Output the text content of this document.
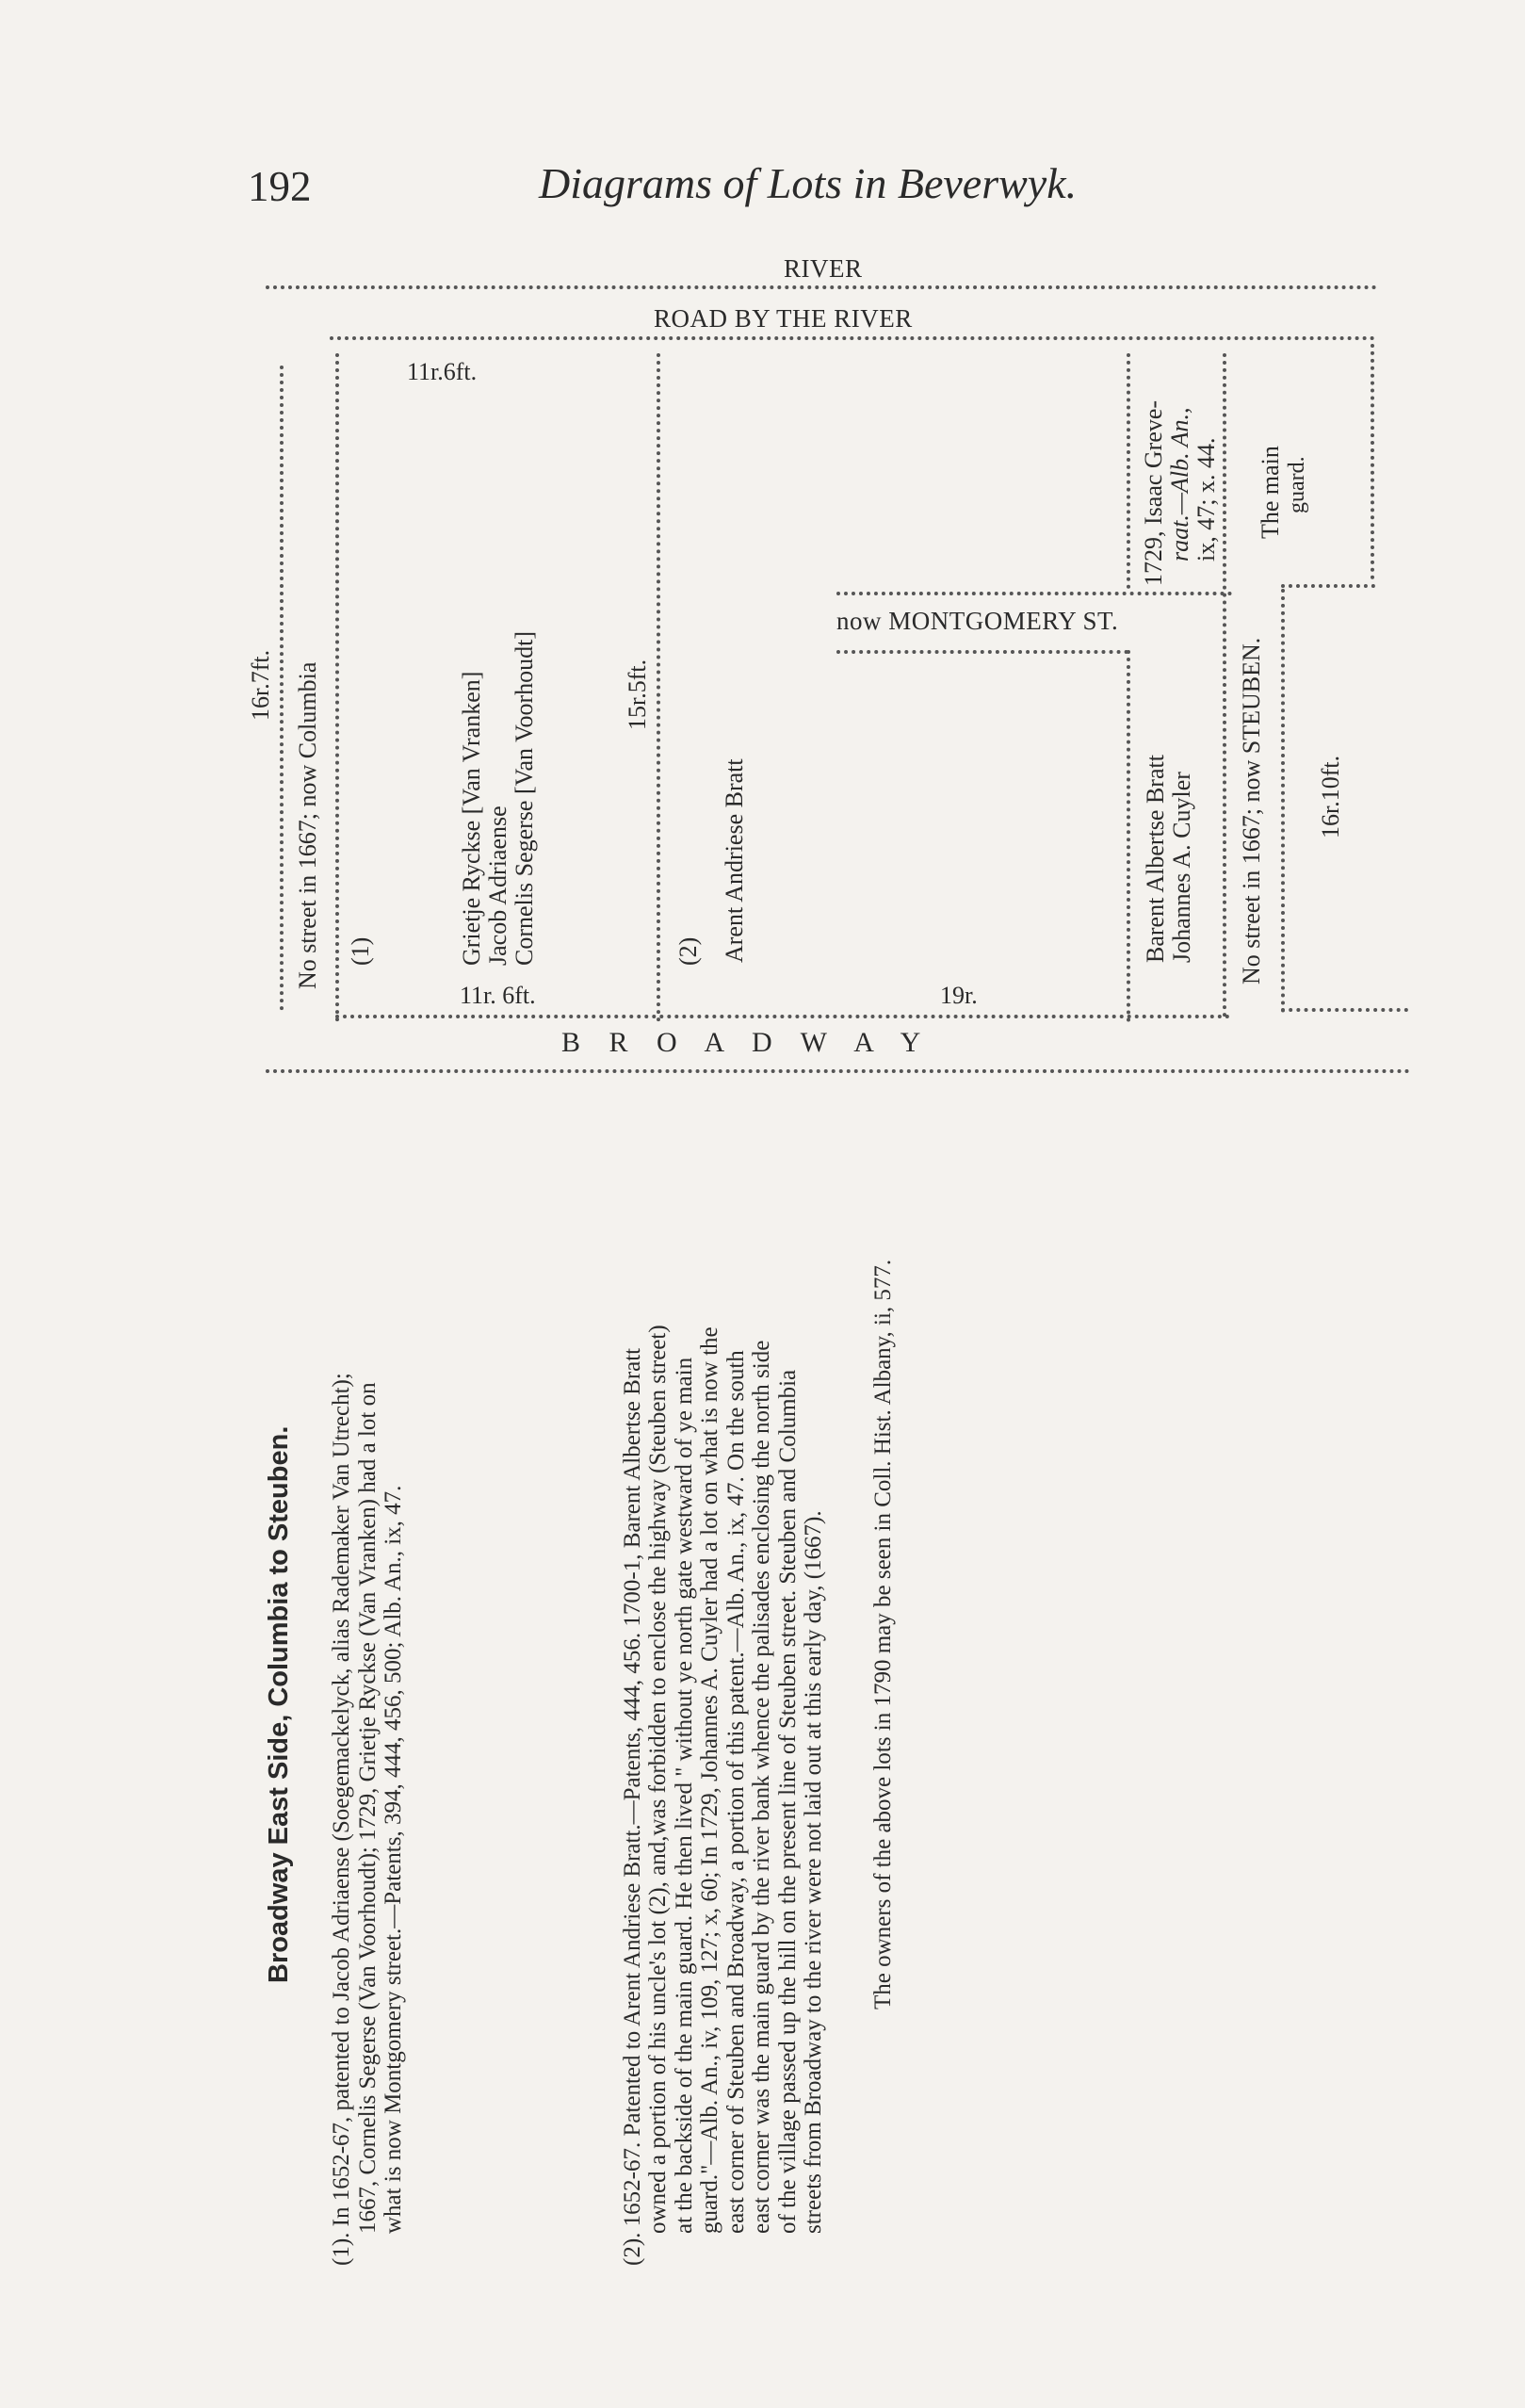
192	Diagrams of Lots in Beverwyk.
RIVER
ROAD BY THE RIVER
11r.6ft.
11r. 6ft.	19r.
16r.7ft.	15r.5ft.
16r.10ft.
No street in 1667; now Columbia
now MONTGOMERY ST.
No street in 1667; now STEUBEN.
B R O A D W A Y
(1)	Grietje Ryckse [Van Vranken] Jacob Adriaense Cornelis Segerse [Van Voorhoudt]	(2) Arent Andriese Bratt
1729, Isaac Greve- raat.—Alb. An., ix, 47; x. 44.
Barent Albertse Bratt Johannes A. Cuyler
The main guard.
Broadway East Side, Columbia to Steuben. (1). In 1652-67, patented to Jacob Adriaense (Soegemackelyck, alias Rademaker Van Utrecht); 1667, Cornelis Segerse (Van Voorhoudt); 1729, Grietje Ryckse (Van Vranken) had a lot on what is now Montgomery street.—Patents, 394, 444, 456, 500; Alb. An., ix, 47.	(2). 1652-67. Patented to Arent Andriese Bratt.—Patents, 444, 456. 1700-1, Barent Albertse Bratt owned a portion of his uncle's lot (2), and,was forbidden to enclose the highway (Steuben street) at the backside of the main guard. He then lived " without ye north gate westward of ye main guard."—Alb. An., iv, 109, 127; x, 60; In 1729, Johannes A. Cuyler had a lot on what is now the east corner of Steuben and Broadway, a portion of this patent.—Alb. An., ix, 47. On the south east corner was the main guard by the river bank whence the palisades enclosing the north side of the village passed up the hill on the present line of Steuben street. Steuben and Columbia streets from Broadway to the river were not laid out at this early day, (1667). The owners of the above lots in 1790 may be seen in Coll. Hist. Albany, ii, 577.
